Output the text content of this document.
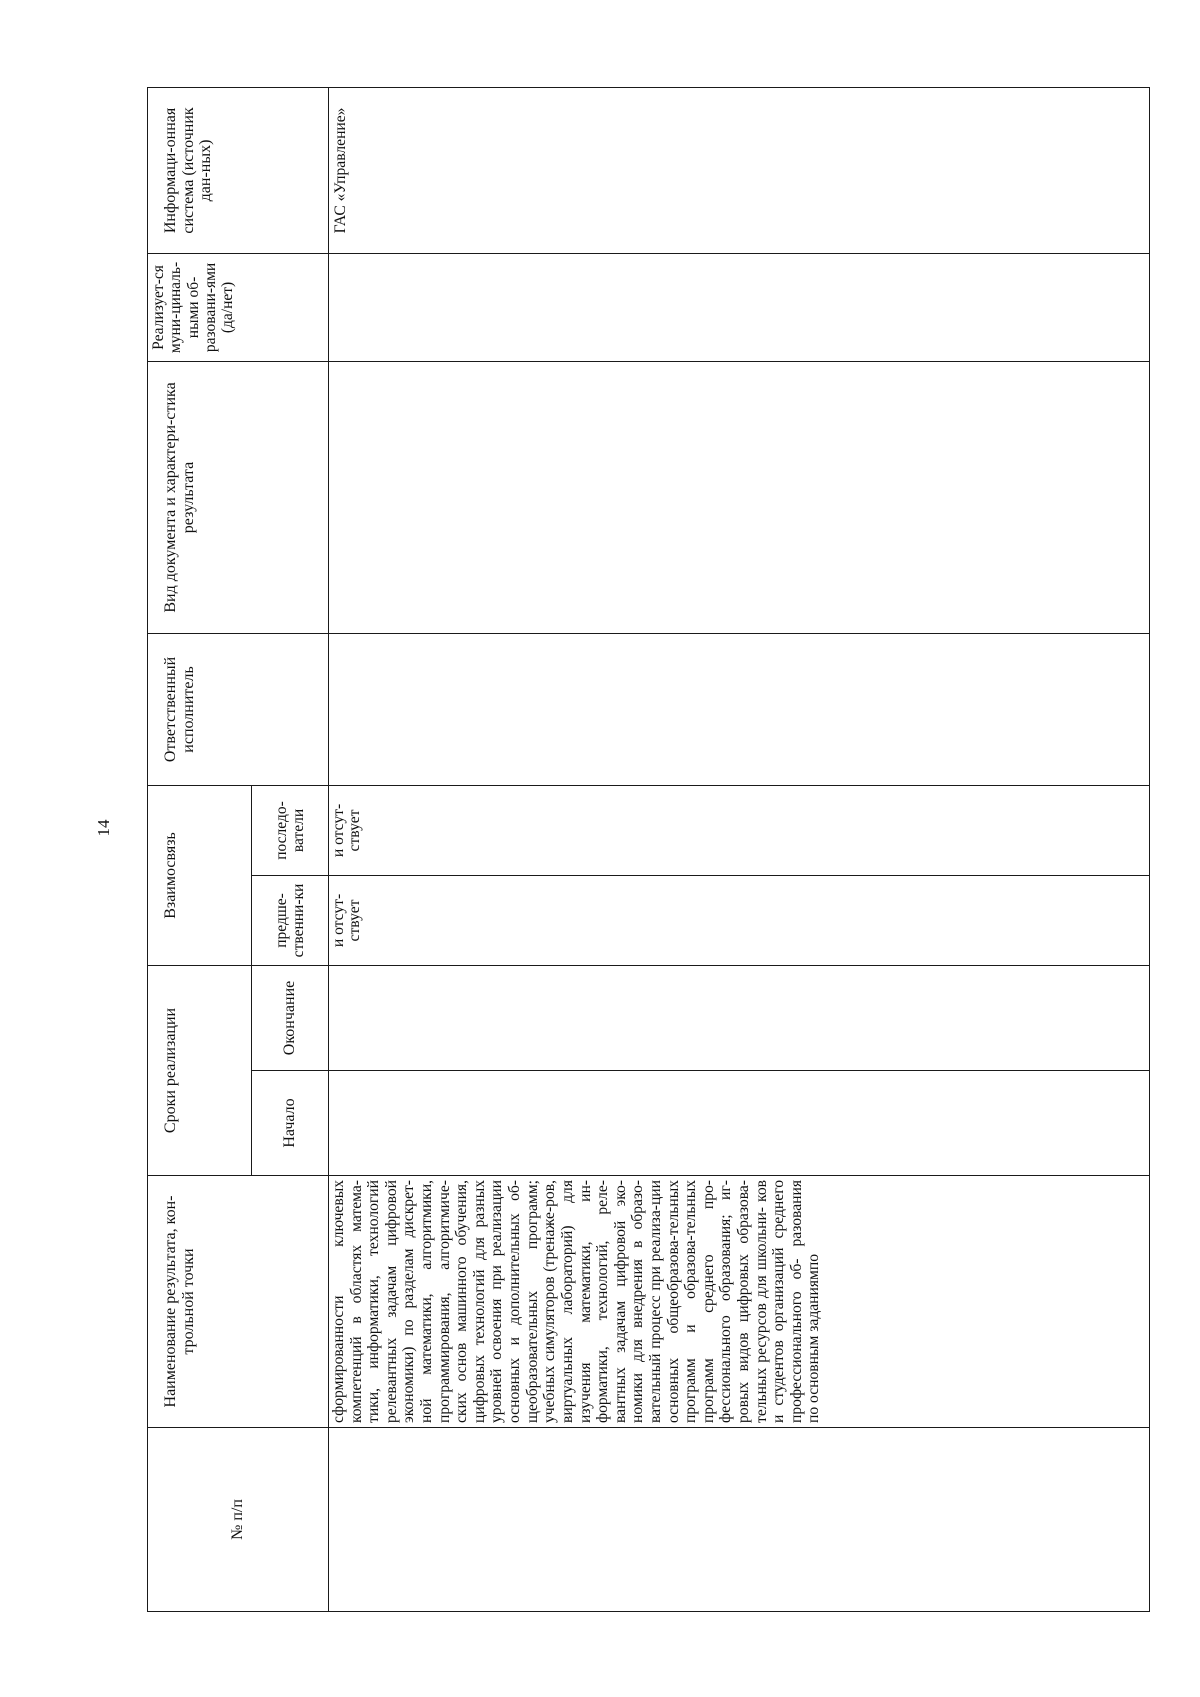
14
№ п/п	Наименование результата, кон-трольной точки	Сроки реализации		Взаимосвязь		Ответственный исполнитель	Вид документа и характери-стика результата	Реализует-ся муни-циналь-ными об-разовани-ями (да/нет)	Информаци-онная система (источник дан-ных)
		Начало	Окончание	предше-ственни-ки	последо-ватели				
	сформированности ключевых компетенций в областях матема-тики, информатики, технологий релевантных задачам цифровой экономики) по разделам дискрет-ной математики, алгоритмики, программирования, алгоритмиче-ских основ машинного обучения, цифровых технологий для разных уровней освоения при реализации основных и дополнительных об-щеобразовательных программ; учебных симуляторов (тренаже-ров, виртуальных лабораторий) для изучения математики, ин-форматики, технологий, реле-вантных задачам цифровой эко-номики для внедрения в образо-вательный процесс при реализа-ции основных общеобразова-тельных программ и образова-тельных программ среднего про-фессионального образования; иг-ровых видов цифровых образова-тельных ресурсов для школьни- ков и студентов организаций среднего профессионального об- разования по основным заданиямпо			и отсут-ствует	и отсут-ствует				ГАС «Управление»
